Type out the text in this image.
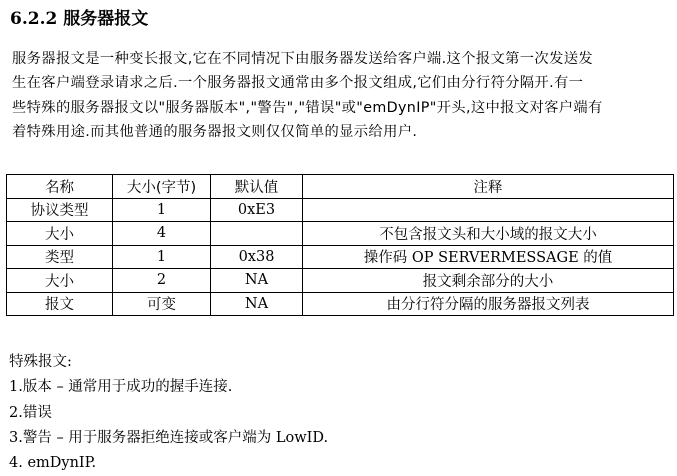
6.2.2 服务器报文
服务器报文是一种变长报文,它在不同情况下由服务器发送给客户端.这个报文第一次发送发
生在客户端登录请求之后.一个服务器报文通常由多个报文组成,它们由分行符分隔开.有一
些特殊的服务器报文以"服务器版本","警告","错误"或"emDynIP"开头,这中报文对客户端有
着特殊用途.而其他普通的服务器报文则仅仅简单的显示给用户.
名称	大小(字节)	默认值	注释
协议类型	1	0xE3	
大小	4		不包含报文头和大小域的报文大小
类型	1	0x38	操作码 OP SERVERMESSAGE 的值
大小	2	NA	报文剩余部分的大小
报文	可变	NA	由分行符分隔的服务器报文列表
特殊报文:
1.版本 – 通常用于成功的握手连接.
2.错误
3.警告 – 用于服务器拒绝连接或客户端为 LowID.
4. emDynIP.
